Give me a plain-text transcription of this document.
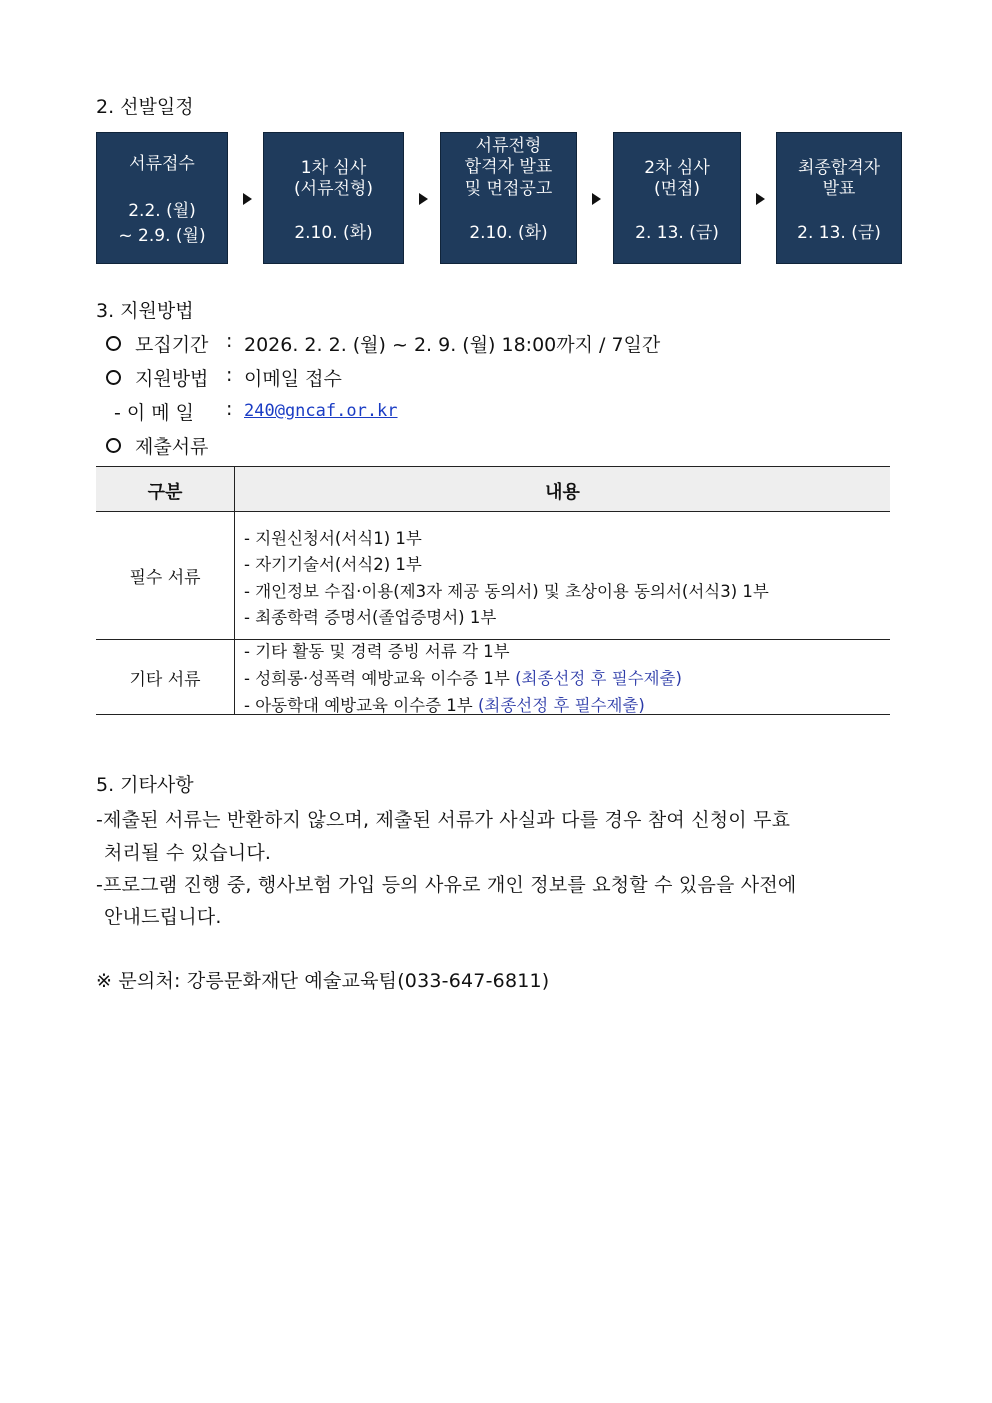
2. 선발일정
서류접수
2.2. (월)
~ 2.9. (월)
1차 심사
(서류전형)
2.10. (화)
서류전형
합격자 발표
및 면접공고
2.10. (화)
2차 심사
(면접)
2. 13. (금)
최종합격자
발표
2. 13. (금)
3. 지원방법
모집기간 : 2026. 2. 2. (월) ~ 2. 9. (월) 18:00까지 / 7일간
지원방법 : 이메일 접수
- 이 메 일 : 240@gncaf.or.kr
제출서류
구분	내용
필수 서류
- 지원신청서(서식1) 1부
- 자기기술서(서식2) 1부
- 개인정보 수집·이용(제3자 제공 동의서) 및 초상이용 동의서(서식3) 1부
- 최종학력 증명서(졸업증명서) 1부
기타 서류
- 기타 활동 및 경력 증빙 서류 각 1부
- 성희롱·성폭력 예방교육 이수증 1부 (최종선정 후 필수제출)
- 아동학대 예방교육 이수증 1부 (최종선정 후 필수제출)
5. 기타사항
-제출된 서류는 반환하지 않으며, 제출된 서류가 사실과 다를 경우 참여 신청이 무효
처리될 수 있습니다.
-프로그램 진행 중, 행사보험 가입 등의 사유로 개인 정보를 요청할 수 있음을 사전에
안내드립니다.
※ 문의처: 강릉문화재단 예술교육팀(033-647-6811)
